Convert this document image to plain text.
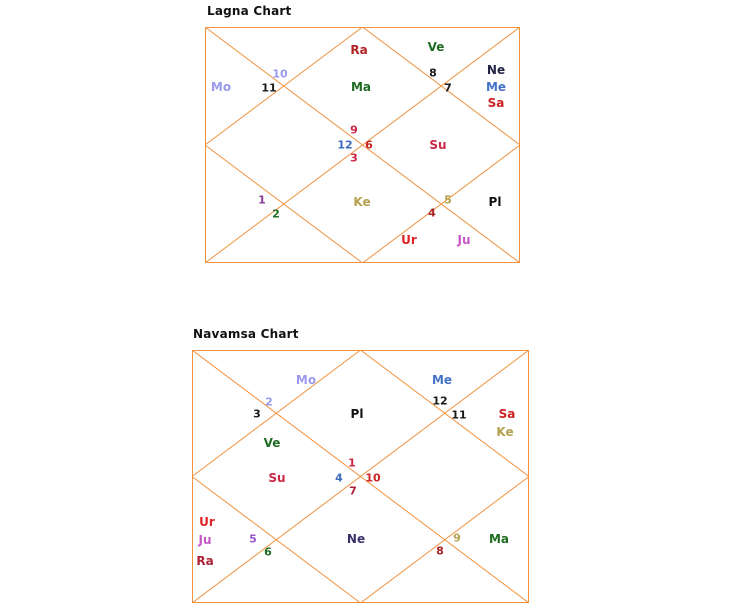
Lagna Chart
Ra	Ve
Mo	Ma
Ne
Me
Sa
Su
Ke	Pl
Ur	Ju
10
11
8
7
9
12 6
3
1
2
5
4
Navamsa Chart
Mo	Me
Pl	Sa
Ke
Ve
Su
Ur
Ju
Ra
Ne	Ma
2
3
12
11
1
4 10
7
5
6
9
8
